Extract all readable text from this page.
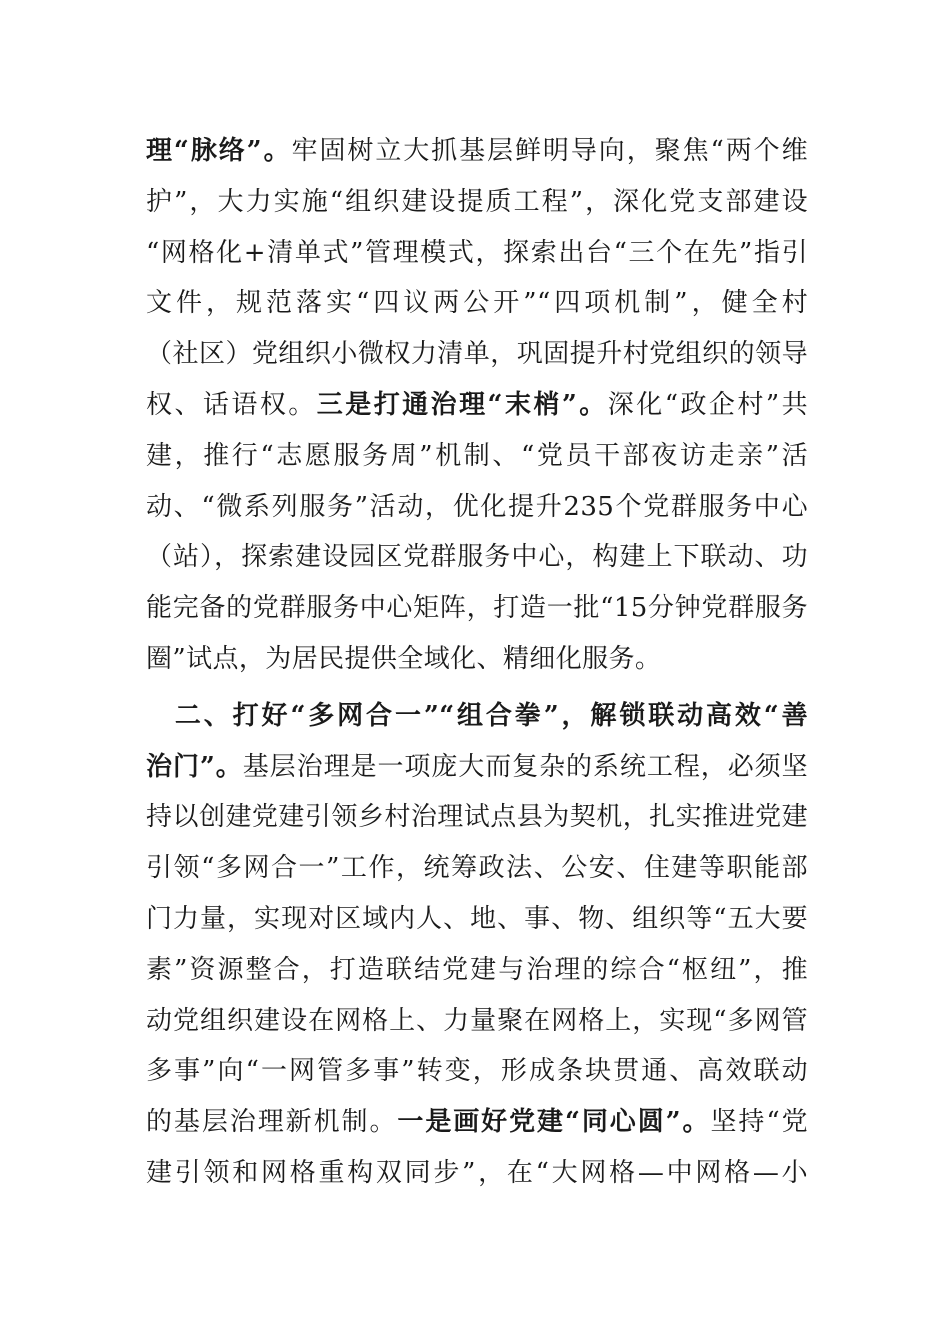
理“脉络”。牢固树立大抓基层鲜明导向，聚焦“两个维
护”，大力实施“组织建设提质工程”，深化党支部建设
“网格化+清单式”管理模式，探索出台“三个在先”指引
文件，规范落实“四议两公开”“四项机制”，健全村
（社区）党组织小微权力清单，巩固提升村党组织的领导
权、话语权。三是打通治理“末梢”。深化“政企村”共
建，推行“志愿服务周”机制、“党员干部夜访走亲”活
动、“微系列服务”活动，优化提升235个党群服务中心
（站），探索建设园区党群服务中心，构建上下联动、功
能完备的党群服务中心矩阵，打造一批“15分钟党群服务
圈”试点，为居民提供全域化、精细化服务。
　二、打好“多网合一”“组合拳”，解锁联动高效“善
治门”。基层治理是一项庞大而复杂的系统工程，必须坚
持以创建党建引领乡村治理试点县为契机，扎实推进党建
引领“多网合一”工作，统筹政法、公安、住建等职能部
门力量，实现对区域内人、地、事、物、组织等“五大要
素”资源整合，打造联结党建与治理的综合“枢纽”，推
动党组织建设在网格上、力量聚在网格上，实现“多网管
多事”向“一网管多事”转变，形成条块贯通、高效联动
的基层治理新机制。一是画好党建“同心圆”。坚持“党
建引领和网格重构双同步”，在“大网格—中网格—小
